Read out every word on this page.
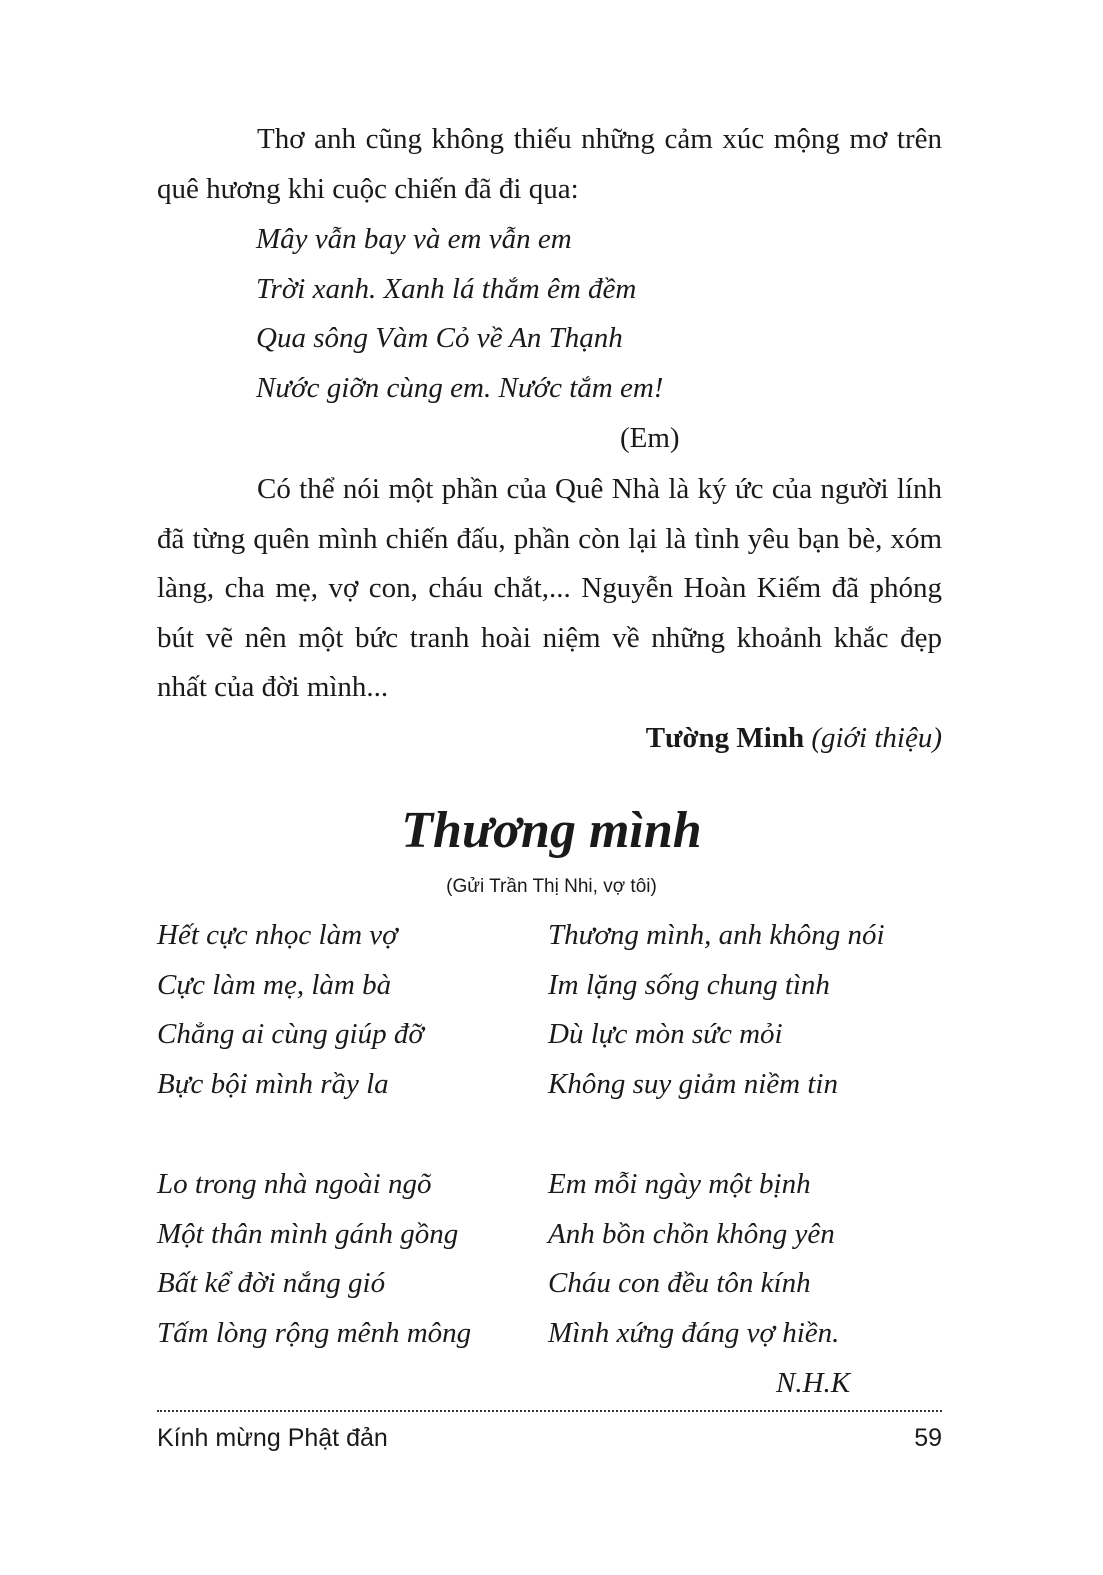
Thơ anh cũng không thiếu những cảm xúc mộng mơ trên quê hương khi cuộc chiến đã đi qua:

Mây vẫn bay và em vẫn em
Trời xanh. Xanh lá thắm êm đềm
Qua sông Vàm Cỏ về An Thạnh
Nước giỡn cùng em. Nước tắm em!
(Em)

Có thể nói một phần của Quê Nhà là ký ức của người lính đã từng quên mình chiến đấu, phần còn lại là tình yêu bạn bè, xóm làng, cha mẹ, vợ con, cháu chắt,... Nguyễn Hoàn Kiếm đã phóng bút vẽ nên một bức tranh hoài niệm về những khoảnh khắc đẹp nhất của đời mình...

Tường Minh (giới thiệu)
Thương mình
(Gửi Trần Thị Nhi, vợ tôi)
Hết cực nhọc làm vợ
Cực làm mẹ, làm bà
Chẳng ai cùng giúp đỡ
Bực bội mình rầy la
Thương mình, anh không nói
Im lặng sống chung tình
Dù lực mòn sức mỏi
Không suy giảm niềm tin
Lo trong nhà ngoài ngõ
Một thân mình gánh gồng
Bất kể đời nắng gió
Tấm lòng rộng mênh mông
Em mỗi ngày một bịnh
Anh bồn chồn không yên
Cháu con đều tôn kính
Mình xứng đáng vợ hiền.
N.H.K
Kính mừng Phật đản	59
